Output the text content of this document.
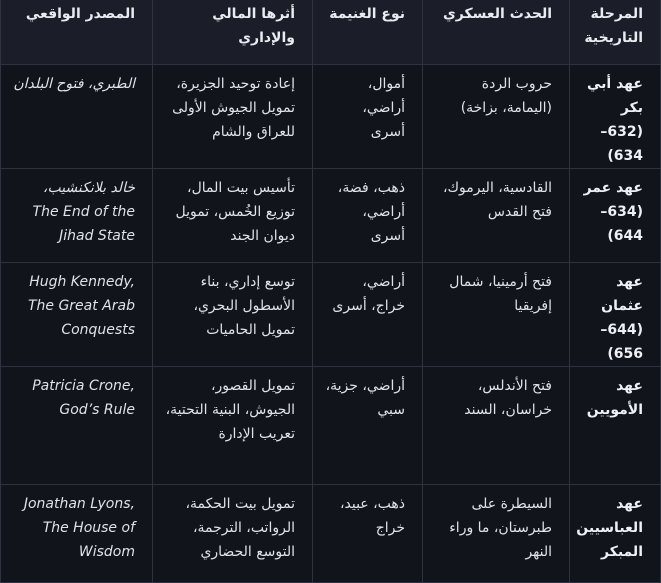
المرحلة التاريخية	الحدث العسكري	نوع الغنيمة	أثرها المالي والإداري	المصدر الواقعي
عهد أبي بكر (632–634)	حروب الردة (اليمامة، بزاخة)	أموال، أراضي، أسرى	إعادة توحيد الجزيرة، تمويل الجيوش الأولى للعراق والشام	الطبري، فتوح البلدان
عهد عمر (634–644)	القادسية، اليرموك، فتح القدس	ذهب، فضة، أراضي، أسرى	تأسيس بيت المال، توزيع الخُمس، تمويل ديوان الجند	خالد بلانكنشيب، The End of the Jihad State
عهد عثمان (644–656)	فتح أرمينيا، شمال إفريقيا	أراضي، خراج، أسرى	توسع إداري، بناء الأسطول البحري، تمويل الحاميات	Hugh Kennedy, The Great Arab Conquests
عهد الأمويين	فتح الأندلس، خراسان، السند	أراضي، جزية، سبي	تمويل القصور، الجيوش، البنية التحتية، تعريب الإدارة	Patricia Crone, God’s Rule
عهد العباسيين المبكر	السيطرة على طبرستان، ما وراء النهر	ذهب، عبيد، خراج	تمويل بيت الحكمة، الرواتب، الترجمة، التوسع الحضاري	Jonathan Lyons, The House of Wisdom
